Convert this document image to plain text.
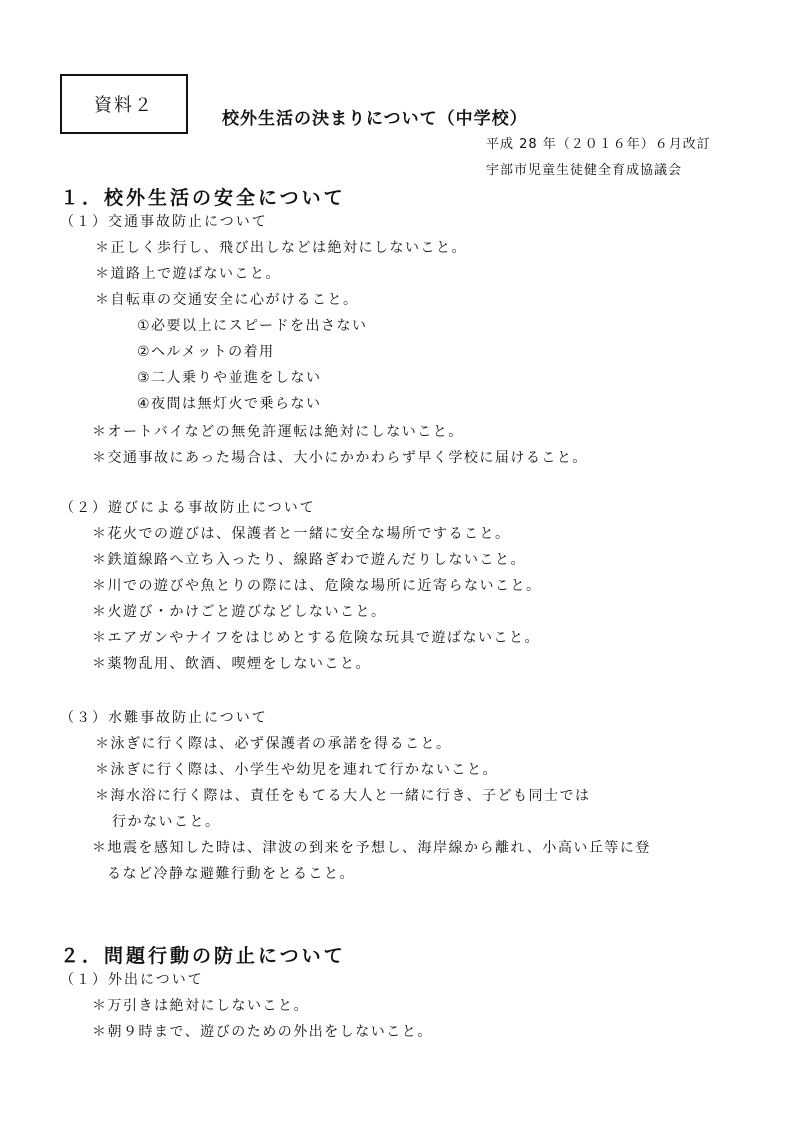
資料２
校外生活の決まりについて（中学校）
平成 28 年（２０１６年）６月改訂
宇部市児童生徒健全育成協議会
１．校外生活の安全について
（１）交通事故防止について
＊正しく歩行し、飛び出しなどは絶対にしないこと。
＊道路上で遊ばないこと。
＊自転車の交通安全に心がけること。
①必要以上にスピードを出さない
②ヘルメットの着用
③二人乗りや並進をしない
④夜間は無灯火で乗らない
＊オートバイなどの無免許運転は絶対にしないこと。
＊交通事故にあった場合は、大小にかかわらず早く学校に届けること。
（２）遊びによる事故防止について
＊花火での遊びは、保護者と一緒に安全な場所ですること。
＊鉄道線路へ立ち入ったり、線路ぎわで遊んだりしないこと。
＊川での遊びや魚とりの際には、危険な場所に近寄らないこと。
＊火遊び・かけごと遊びなどしないこと。
＊エアガンやナイフをはじめとする危険な玩具で遊ばないこと。
＊薬物乱用、飲酒、喫煙をしないこと。
（３）水難事故防止について
＊泳ぎに行く際は、必ず保護者の承諾を得ること。
＊泳ぎに行く際は、小学生や幼児を連れて行かないこと。
＊海水浴に行く際は、責任をもてる大人と一緒に行き、子ども同士では
行かないこと。
＊地震を感知した時は、津波の到来を予想し、海岸線から離れ、小高い丘等に登
るなど冷静な避難行動をとること。
２．問題行動の防止について
（１）外出について
＊万引きは絶対にしないこと。
＊朝９時まで、遊びのための外出をしないこと。
